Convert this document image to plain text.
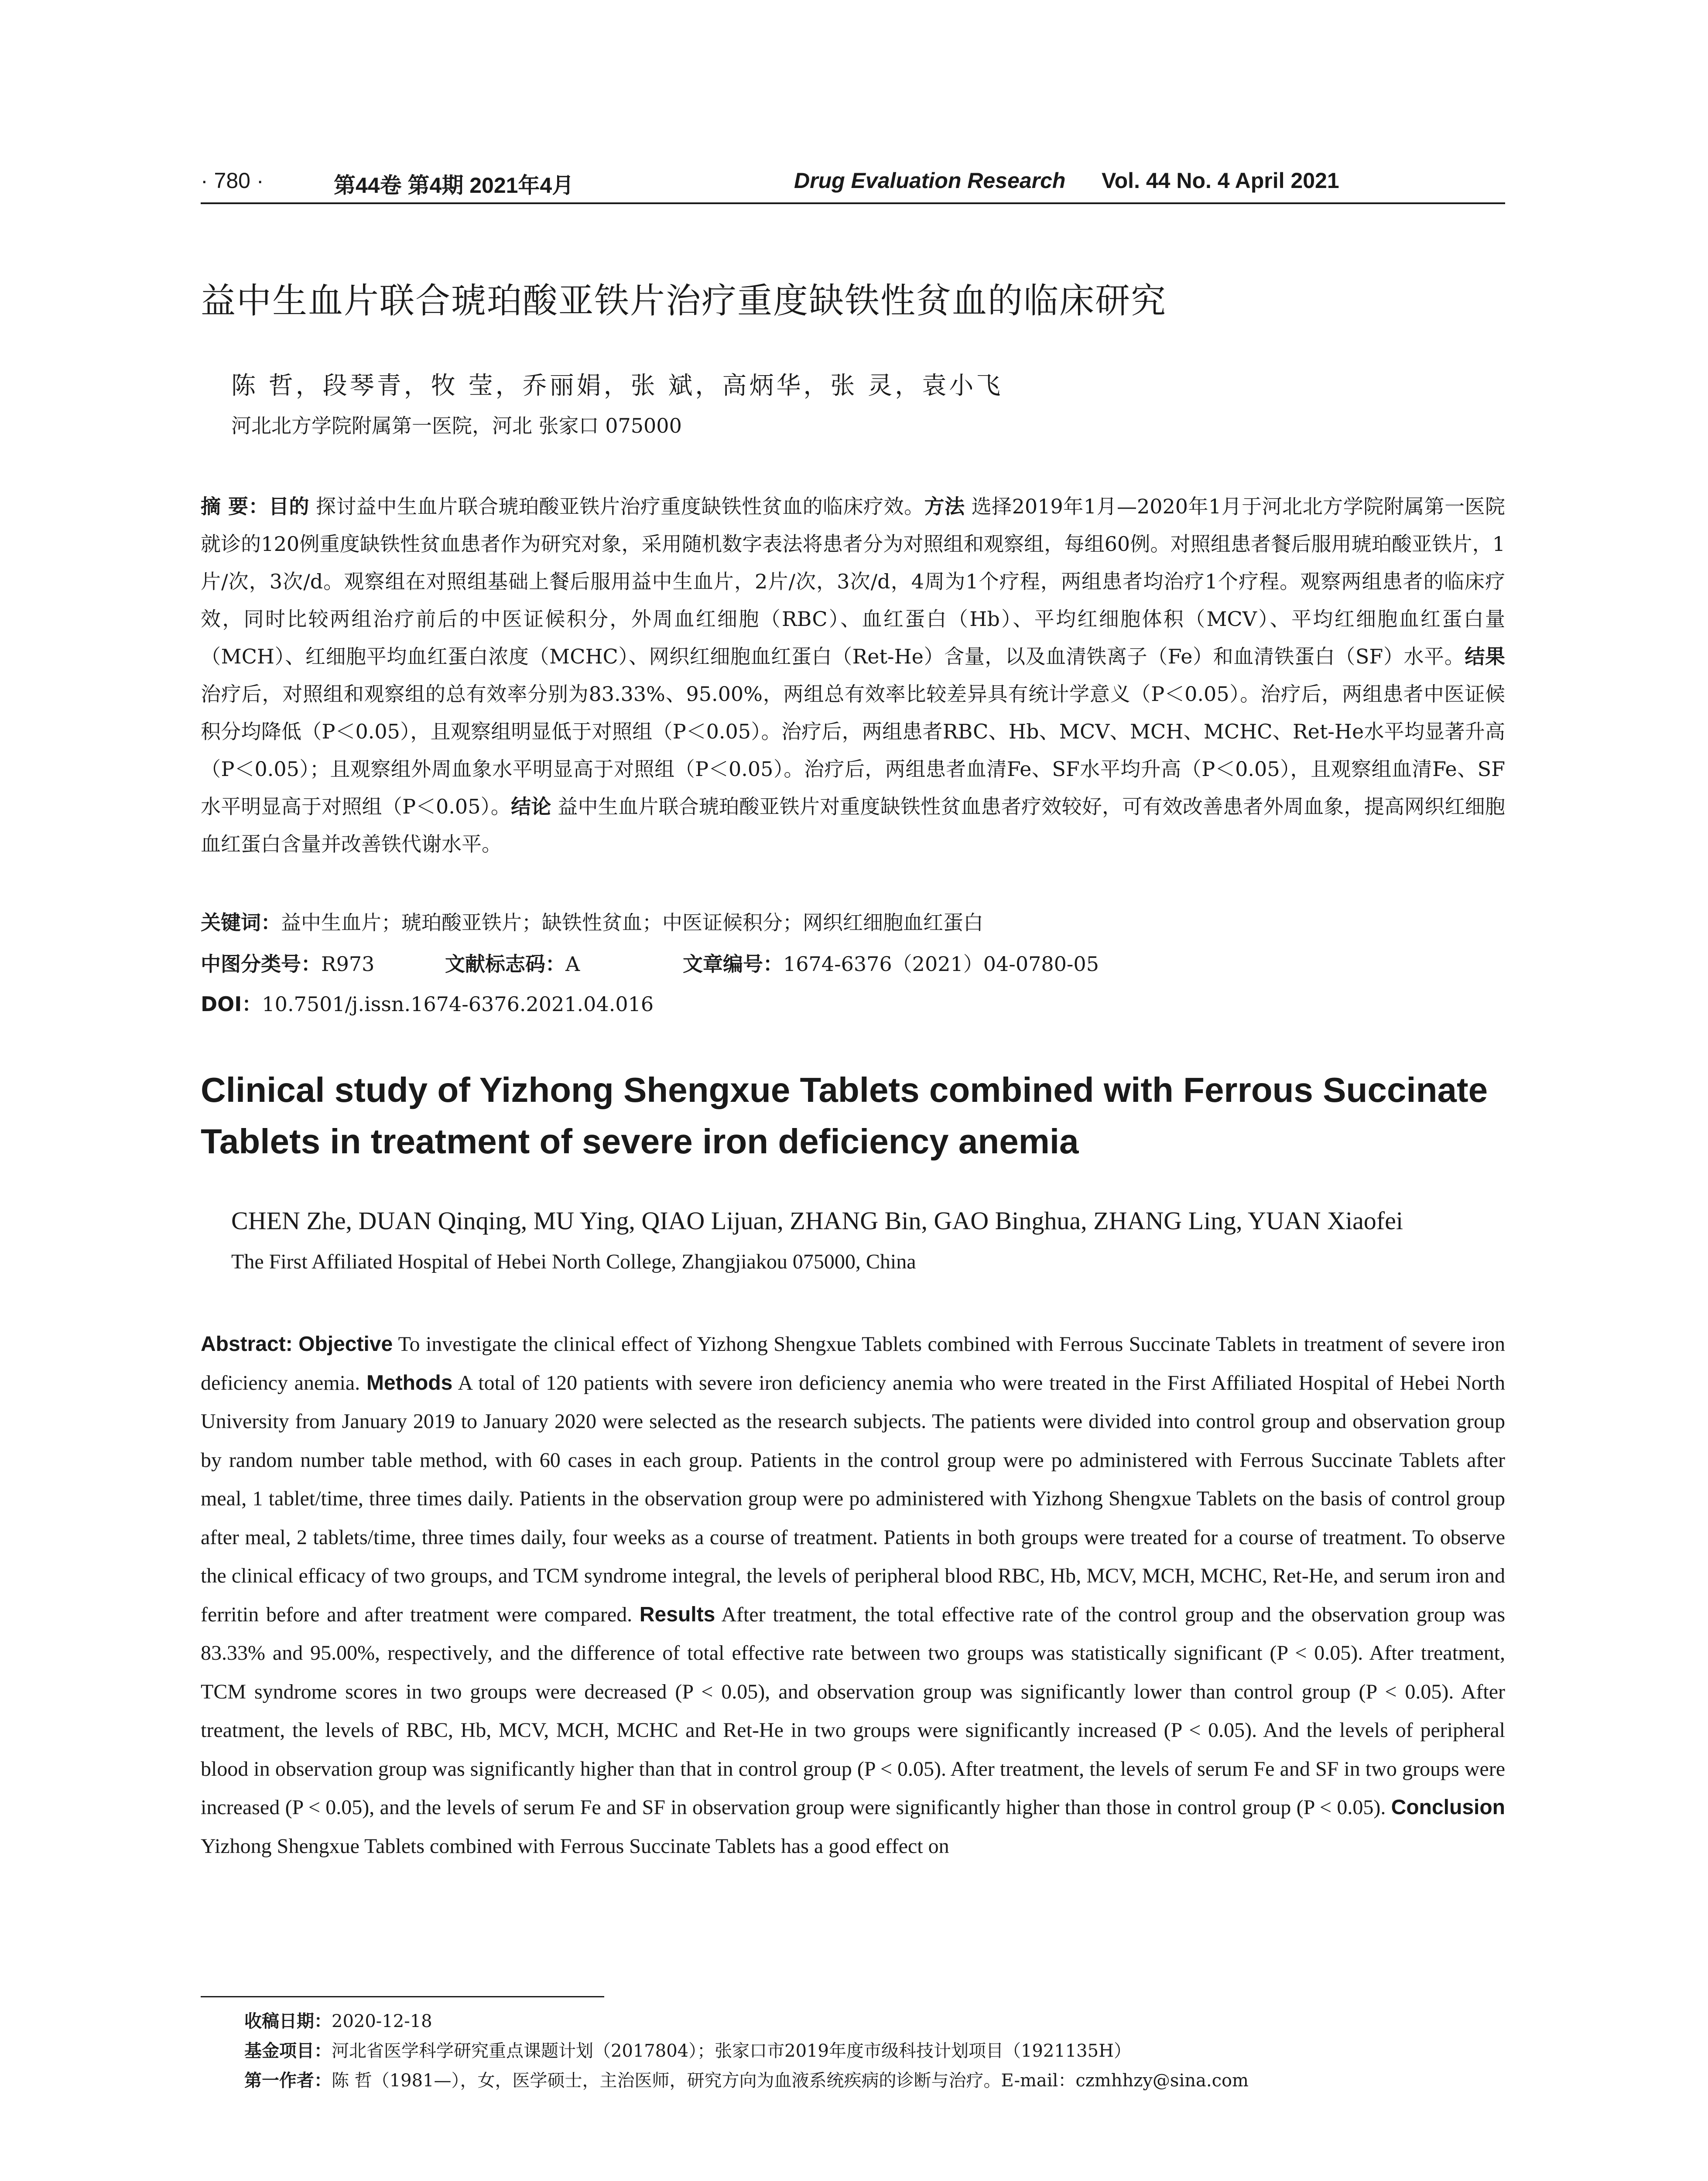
· 780 ·	第44卷 第4期 2021年4月	Drug Evaluation Research Vol. 44 No. 4 April 2021
益中生血片联合琥珀酸亚铁片治疗重度缺铁性贫血的临床研究
陈 哲，段琴青，牧 莹，乔丽娟，张 斌，高炳华，张 灵，袁小飞
河北北方学院附属第一医院，河北 张家口 075000
摘 要：目的 探讨益中生血片联合琥珀酸亚铁片治疗重度缺铁性贫血的临床疗效。方法 选择2019年1月—2020年1月于河北北方学院附属第一医院就诊的120例重度缺铁性贫血患者作为研究对象，采用随机数字表法将患者分为对照组和观察组，每组60例。对照组患者餐后服用琥珀酸亚铁片，1片/次，3次/d。观察组在对照组基础上餐后服用益中生血片，2片/次，3次/d，4周为1个疗程，两组患者均治疗1个疗程。观察两组患者的临床疗效，同时比较两组治疗前后的中医证候积分，外周血红细胞（RBC）、血红蛋白（Hb）、平均红细胞体积（MCV）、平均红细胞血红蛋白量（MCH）、红细胞平均血红蛋白浓度（MCHC）、网织红细胞血红蛋白（Ret-He）含量，以及血清铁离子（Fe）和血清铁蛋白（SF）水平。结果 治疗后，对照组和观察组的总有效率分别为83.33%、95.00%，两组总有效率比较差异具有统计学意义（P＜0.05）。治疗后，两组患者中医证候积分均降低（P＜0.05），且观察组明显低于对照组（P＜0.05）。治疗后，两组患者RBC、Hb、MCV、MCH、MCHC、Ret-He水平均显著升高（P＜0.05）；且观察组外周血象水平明显高于对照组（P＜0.05）。治疗后，两组患者血清Fe、SF水平均升高（P＜0.05），且观察组血清Fe、SF水平明显高于对照组（P＜0.05）。结论 益中生血片联合琥珀酸亚铁片对重度缺铁性贫血患者疗效较好，可有效改善患者外周血象，提高网织红细胞血红蛋白含量并改善铁代谢水平。
关键词：益中生血片；琥珀酸亚铁片；缺铁性贫血；中医证候积分；网织红细胞血红蛋白
中图分类号：R973	文献标志码：A	文章编号：1674-6376（2021）04-0780-05
DOI：10.7501/j.issn.1674-6376.2021.04.016
Clinical study of Yizhong Shengxue Tablets combined with Ferrous Succinate Tablets in treatment of severe iron deficiency anemia
CHEN Zhe, DUAN Qinqing, MU Ying, QIAO Lijuan, ZHANG Bin, GAO Binghua, ZHANG Ling, YUAN Xiaofei
The First Affiliated Hospital of Hebei North College, Zhangjiakou 075000, China
Abstract: Objective To investigate the clinical effect of Yizhong Shengxue Tablets combined with Ferrous Succinate Tablets in treatment of severe iron deficiency anemia. Methods A total of 120 patients with severe iron deficiency anemia who were treated in the First Affiliated Hospital of Hebei North University from January 2019 to January 2020 were selected as the research subjects. The patients were divided into control group and observation group by random number table method, with 60 cases in each group. Patients in the control group were po administered with Ferrous Succinate Tablets after meal, 1 tablet/time, three times daily. Patients in the observation group were po administered with Yizhong Shengxue Tablets on the basis of control group after meal, 2 tablets/time, three times daily, four weeks as a course of treatment. Patients in both groups were treated for a course of treatment. To observe the clinical efficacy of two groups, and TCM syndrome integral, the levels of peripheral blood RBC, Hb, MCV, MCH, MCHC, Ret-He, and serum iron and ferritin before and after treatment were compared. Results After treatment, the total effective rate of the control group and the observation group was 83.33% and 95.00%, respectively, and the difference of total effective rate between two groups was statistically significant (P < 0.05). After treatment, TCM syndrome scores in two groups were decreased (P < 0.05), and observation group was significantly lower than control group (P < 0.05). After treatment, the levels of RBC, Hb, MCV, MCH, MCHC and Ret-He in two groups were significantly increased (P < 0.05). And the levels of peripheral blood in observation group was significantly higher than that in control group (P < 0.05). After treatment, the levels of serum Fe and SF in two groups were increased (P < 0.05), and the levels of serum Fe and SF in observation group were significantly higher than those in control group (P < 0.05). Conclusion Yizhong Shengxue Tablets combined with Ferrous Succinate Tablets has a good effect on
收稿日期：2020-12-18
基金项目：河北省医学科学研究重点课题计划（2017804）；张家口市2019年度市级科技计划项目（1921135H）
第一作者：陈 哲（1981—），女，医学硕士，主治医师，研究方向为血液系统疾病的诊断与治疗。E-mail：czmhhzy@sina.com
